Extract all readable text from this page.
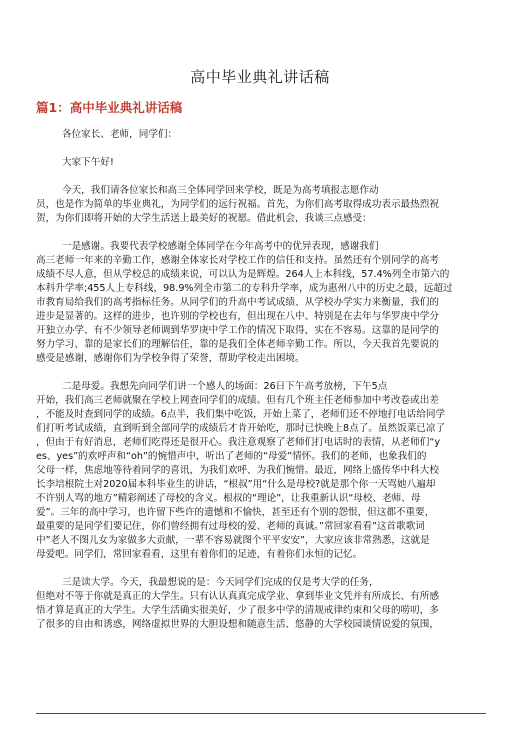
高中毕业典礼讲话稿
篇1：高中毕业典礼讲话稿
各位家长、老师，同学们：
大家下午好!
今天，我们请各位家长和高三全体同学回来学校，既是为高考填报志愿作动
员，也是作为简单的毕业典礼，为同学们的远行祝福。首先，为你们高考取得成功表示最热烈祝
贺，为你们即将开始的大学生活送上最美好的祝愿。借此机会，我谈三点感受：
一是感谢。我要代表学校感谢全体同学在今年高考中的优异表现，感谢我们
高三老师一年来的辛勤工作，感谢全体家长对学校工作的信任和支持。虽然还有个别同学的高考
成绩不尽人意，但从学校总的成绩来说，可以认为是辉煌。264人上本科线，57.4%列全市第六的
本科升学率;455人上专科线，98.9%列全市第二的专科升学率，成为惠州八中的历史之最，远超过
市教育局给我们的高考指标任务。从同学们的升高中考试成绩、从学校办学实力来衡量，我们的
进步是显著的。这样的进步，也许别的学校也有，但出现在八中、特别是在去年与华罗庚中学分
开独立办学、有不少领导老师调到华罗庚中学工作的情况下取得，实在不容易。这靠的是同学的
努力学习、靠的是家长们的理解信任，靠的是我们全体老师辛勤工作。所以，今天我首先要说的
感受是感谢，感谢你们为学校争得了荣誉，帮助学校走出困境。
二是母爱。我想先向同学们讲一个感人的场面：26日下午高考放榜，下午5点
开始，我们高三老师就聚在学校上网查同学们的成绩。但有几个班主任老师参加中考改卷或出差
，不能及时查到同学的成绩。6点半，我们集中吃饭，开始上菜了，老师们还不停地打电话给同学
们打听考试成绩，直到听到全部同学的成绩后才肯开始吃，那时已快晚上8点了。虽然饭菜已凉了
，但由于有好消息，老师们吃得还是很开心。我注意观察了老师们打电话时的表情，从老师们“y
es、yes”的欢呼声和“oh”的惋惜声中，听出了老师的“母爱”情怀。我们的老师，也象我们的
父母一样，焦虑地等待着同学的喜讯，为我们欢呼、为我们惋惜。最近，网络上盛传华中科大校
长李培根院士对2020届本科毕业生的讲话，“根叔”用“什么是母校?就是那个你一天骂她八遍却
不许别人骂的地方”精彩阐述了母校的含义。根叔的“理论”，让我重新认识“母校、老师、母
爱”。三年的高中学习，也许留下些许的遗憾和不愉快，甚至还有个别的怨恨，但这都不重要，
最重要的是同学们要记住，你们曾经拥有过母校的爱、老师的真诚。”常回家看看”这首歌歌词
中”老人不图儿女为家做多大贡献，一辈不容易就图个平平安安”，大家应该非常熟悉，这就是
母爱吧。同学们，常回家看看，这里有着你们的足迹，有着你们永恒的记忆。
三是读大学。今天，我最想说的是：今天同学们完成的仅是考大学的任务，
但绝对不等于你就是真正的大学生。只有认认真真完成学业、拿到毕业文凭并有所成长、有所感
悟才算是真正的大学生。大学生活确实很美好，少了很多中学的清规戒律约束和父母的唠叨，多
了很多的自由和诱惑，网络虚拟世界的大胆设想和随意生活、悠静的大学校园谈情说爱的氛围，
